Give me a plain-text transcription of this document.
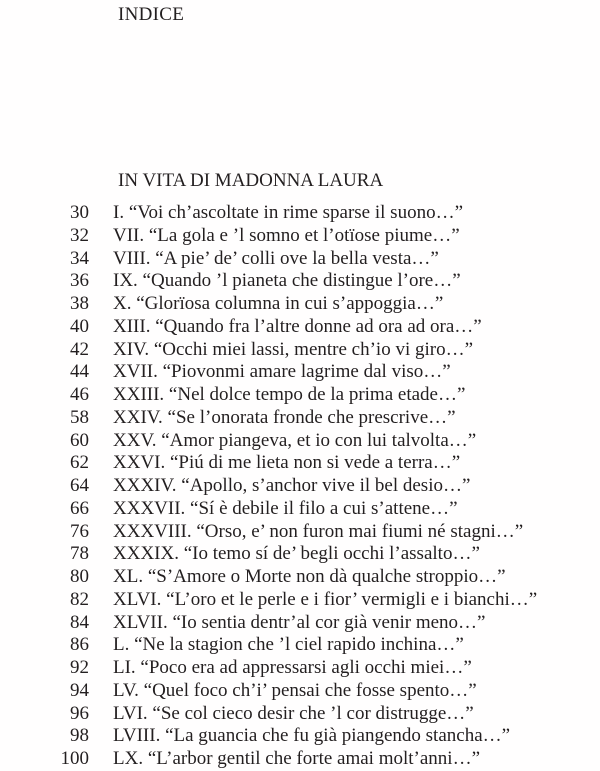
INDICE
IN VITA DI MADONNA LAURA
30 I. “Voi ch’ascoltate in rime sparse il suono…”
32 VII. “La gola e ’l somno et l’otïose piume…”
34 VIII. “A pie’ de’ colli ove la bella vesta…”
36 IX. “Quando ’l pianeta che distingue l’ore…”
38 X. “Glorïosa columna in cui s’appoggia…”
40 XIII. “Quando fra l’altre donne ad ora ad ora…”
42 XIV. “Occhi miei lassi, mentre ch’io vi giro…”
44 XVII. “Piovonmi amare lagrime dal viso…”
46 XXIII. “Nel dolce tempo de la prima etade…”
58 XXIV. “Se l’onorata fronde che prescrive…”
60 XXV. “Amor piangeva, et io con lui talvolta…”
62 XXVI. “Piú di me lieta non si vede a terra…”
64 XXXIV. “Apollo, s’anchor vive il bel desio…”
66 XXXVII. “Sí è debile il filo a cui s’attene…”
76 XXXVIII. “Orso, e’ non furon mai fiumi né stagni…”
78 XXXIX. “Io temo sí de’ begli occhi l’assalto…”
80 XL. “S’Amore o Morte non dà qualche stroppio…”
82 XLVI. “L’oro et le perle e i fior’ vermigli e i bianchi…”
84 XLVII. “Io sentia dentr’al cor già venir meno…”
86 L. “Ne la stagion che ’l ciel rapido inchina…”
92 LI. “Poco era ad appressarsi agli occhi miei…”
94 LV. “Quel foco ch’i’ pensai che fosse spento…”
96 LVI. “Se col cieco desir che ’l cor distrugge…”
98 LVIII. “La guancia che fu già piangendo stancha…”
100 LX. “L’arbor gentil che forte amai molt’anni…”
